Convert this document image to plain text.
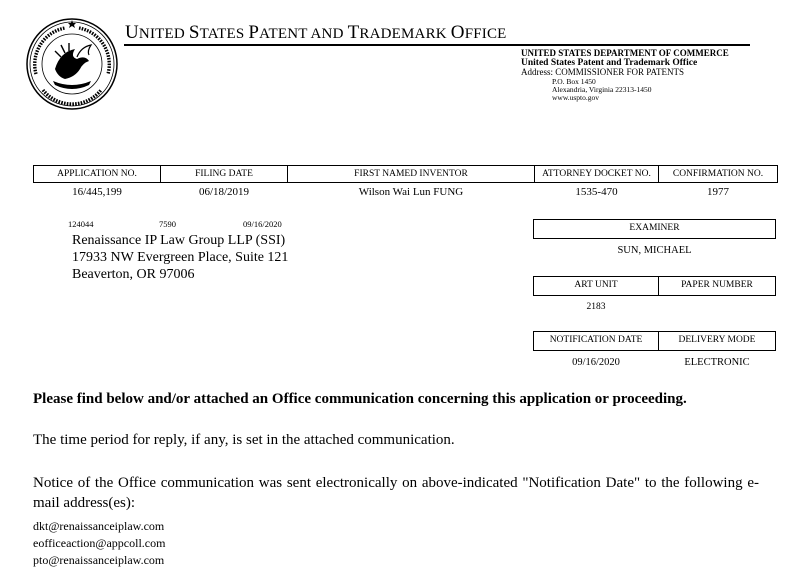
UNITED STATES PATENT AND TRADEMARK OFFICE
UNITED STATES DEPARTMENT OF COMMERCE
United States Patent and Trademark Office
Address: COMMISSIONER FOR PATENTS
P.O. Box 1450
Alexandria, Virginia 22313-1450
www.uspto.gov
APPLICATION NO.	FILING DATE	FIRST NAMED INVENTOR	ATTORNEY DOCKET NO.	CONFIRMATION NO.
16/445,199	06/18/2019	Wilson Wai Lun FUNG	1535-470	1977
124044	7590	09/16/2020
Renaissance IP Law Group LLP (SSI)
17933 NW Evergreen Place, Suite 121
Beaverton, OR 97006
EXAMINER
SUN, MICHAEL
ART UNIT	PAPER NUMBER
2183
NOTIFICATION DATE	DELIVERY MODE
09/16/2020	ELECTRONIC
Please find below and/or attached an Office communication concerning this application or proceeding.
The time period for reply, if any, is set in the attached communication.
Notice of the Office communication was sent electronically on above-indicated "Notification Date" to the following e-mail address(es):
dkt@renaissanceiplaw.com
eofficeaction@appcoll.com
pto@renaissanceiplaw.com
